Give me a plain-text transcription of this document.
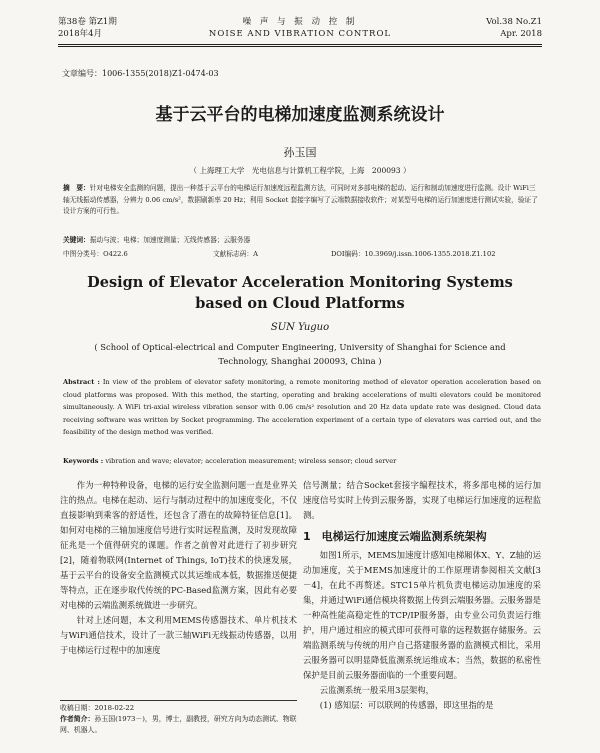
第38卷 第Z1期
2018年4月
噪 声 与 振 动 控 制
NOISE AND VIBRATION CONTROL
Vol.38 No.Z1
Apr. 2018
文章编号：1006-1355(2018)Z1-0474-03
基于云平台的电梯加速度监测系统设计
孙玉国
（ 上海理工大学　光电信息与计算机工程学院，上海　200093 ）
摘　要：针对电梯安全监测的问题，提出一种基于云平台的电梯运行加速度远程监测方法，可同时对多部电梯的起动、运行和制动加速度进行监测。设计 WiFi三轴无线振动传感器，分辨力 0.06 cm/s²，数据刷新率 20 Hz；利用 Socket 套接字编写了云端数据接收软件；对某型号电梯的运行加速度进行测试实验，验证了设计方案的可行性。
关键词：振动与波；电梯；加速度测量；无线传感器；云服务器
中图分类号：O422.6	文献标志码：A	DOI编码：10.3969/j.issn.1006-1355.2018.Z1.102
Design of Elevator Acceleration Monitoring Systems
based on Cloud Platforms
SUN Yuguo
( School of Optical-electrical and Computer Engineering, University of Shanghai for Science and
Technology, Shanghai 200093, China )
Abstract : In view of the problem of elevator safety monitoring, a remote monitoring method of elevator operation acceleration based on cloud platforms was proposed. With this method, the starting, operating and braking accelerations of multi elevators could be monitored simultaneously. A WiFi tri-axial wireless vibration sensor with 0.06 cm/s² resolution and 20 Hz data update rate was designed. Cloud data receiving software was written by Socket programming. The acceleration experiment of a certain type of elevators was carried out, and the feasibility of the design method was verified.
Keywords : vibration and wave; elevator; acceleration measurement; wireless sensor; cloud server

作为一种特种设备，电梯的运行安全监测问题一直是业界关注的热点。电梯在起动、运行与制动过程中的加速度变化，不仅直接影响到乘客的舒适性，还包含了潜在的故障特征信息[1]。如何对电梯的三轴加速度信号进行实时远程监测，及时发现故障征兆是一个值得研究的课题。作者之前曾对此进行了初步研究[2]，随着物联网(Internet of Things, IoT)技术的快速发展，基于云平台的设备安全监测模式以其运维成本低，数据推送便捷等特点，正在逐步取代传统的PC-Based监测方案，因此有必要对电梯的云端监测系统做进一步研究。

针对上述问题，本文利用MEMS传感器技术、单片机技术与WiFi通信技术，设计了一款三轴WiFi无线振动传感器，以用于电梯运行过程中的加速度

信号测量；结合Socket套接字编程技术，将多部电梯的运行加速度信号实时上传到云服务器，实现了电梯运行加速度的远程监测。

1　电梯运行加速度云端监测系统架构

如图1所示，MEMS加速度计感知电梯厢体X、Y、Z轴的运动加速度，关于MEMS加速度计的工作原理请参阅相关文献[3－4]，在此不再赘述。STC15单片机负责电梯运动加速度的采集，并通过WiFi通信模块将数据上传到云端服务器。云服务器是一种高性能高稳定性的TCP/IP服务器，由专业公司负责运行维护，用户通过相应的模式即可获得可靠的远程数据存储服务。云端监测系统与传统的用户自己搭建服务器的监测模式相比，采用云服务器可以明显降低监测系统运维成本；当然，数据的私密性保护是目前云服务器面临的一个重要问题。

云监测系统一般采用3层架构，

(1) 感知层：可以联网的传感器，即这里指的是

收稿日期：2018-02-22
作者简介：孙玉国(1973－)，男，博士，副教授，研究方向为动态测试、物联网、机器人。
